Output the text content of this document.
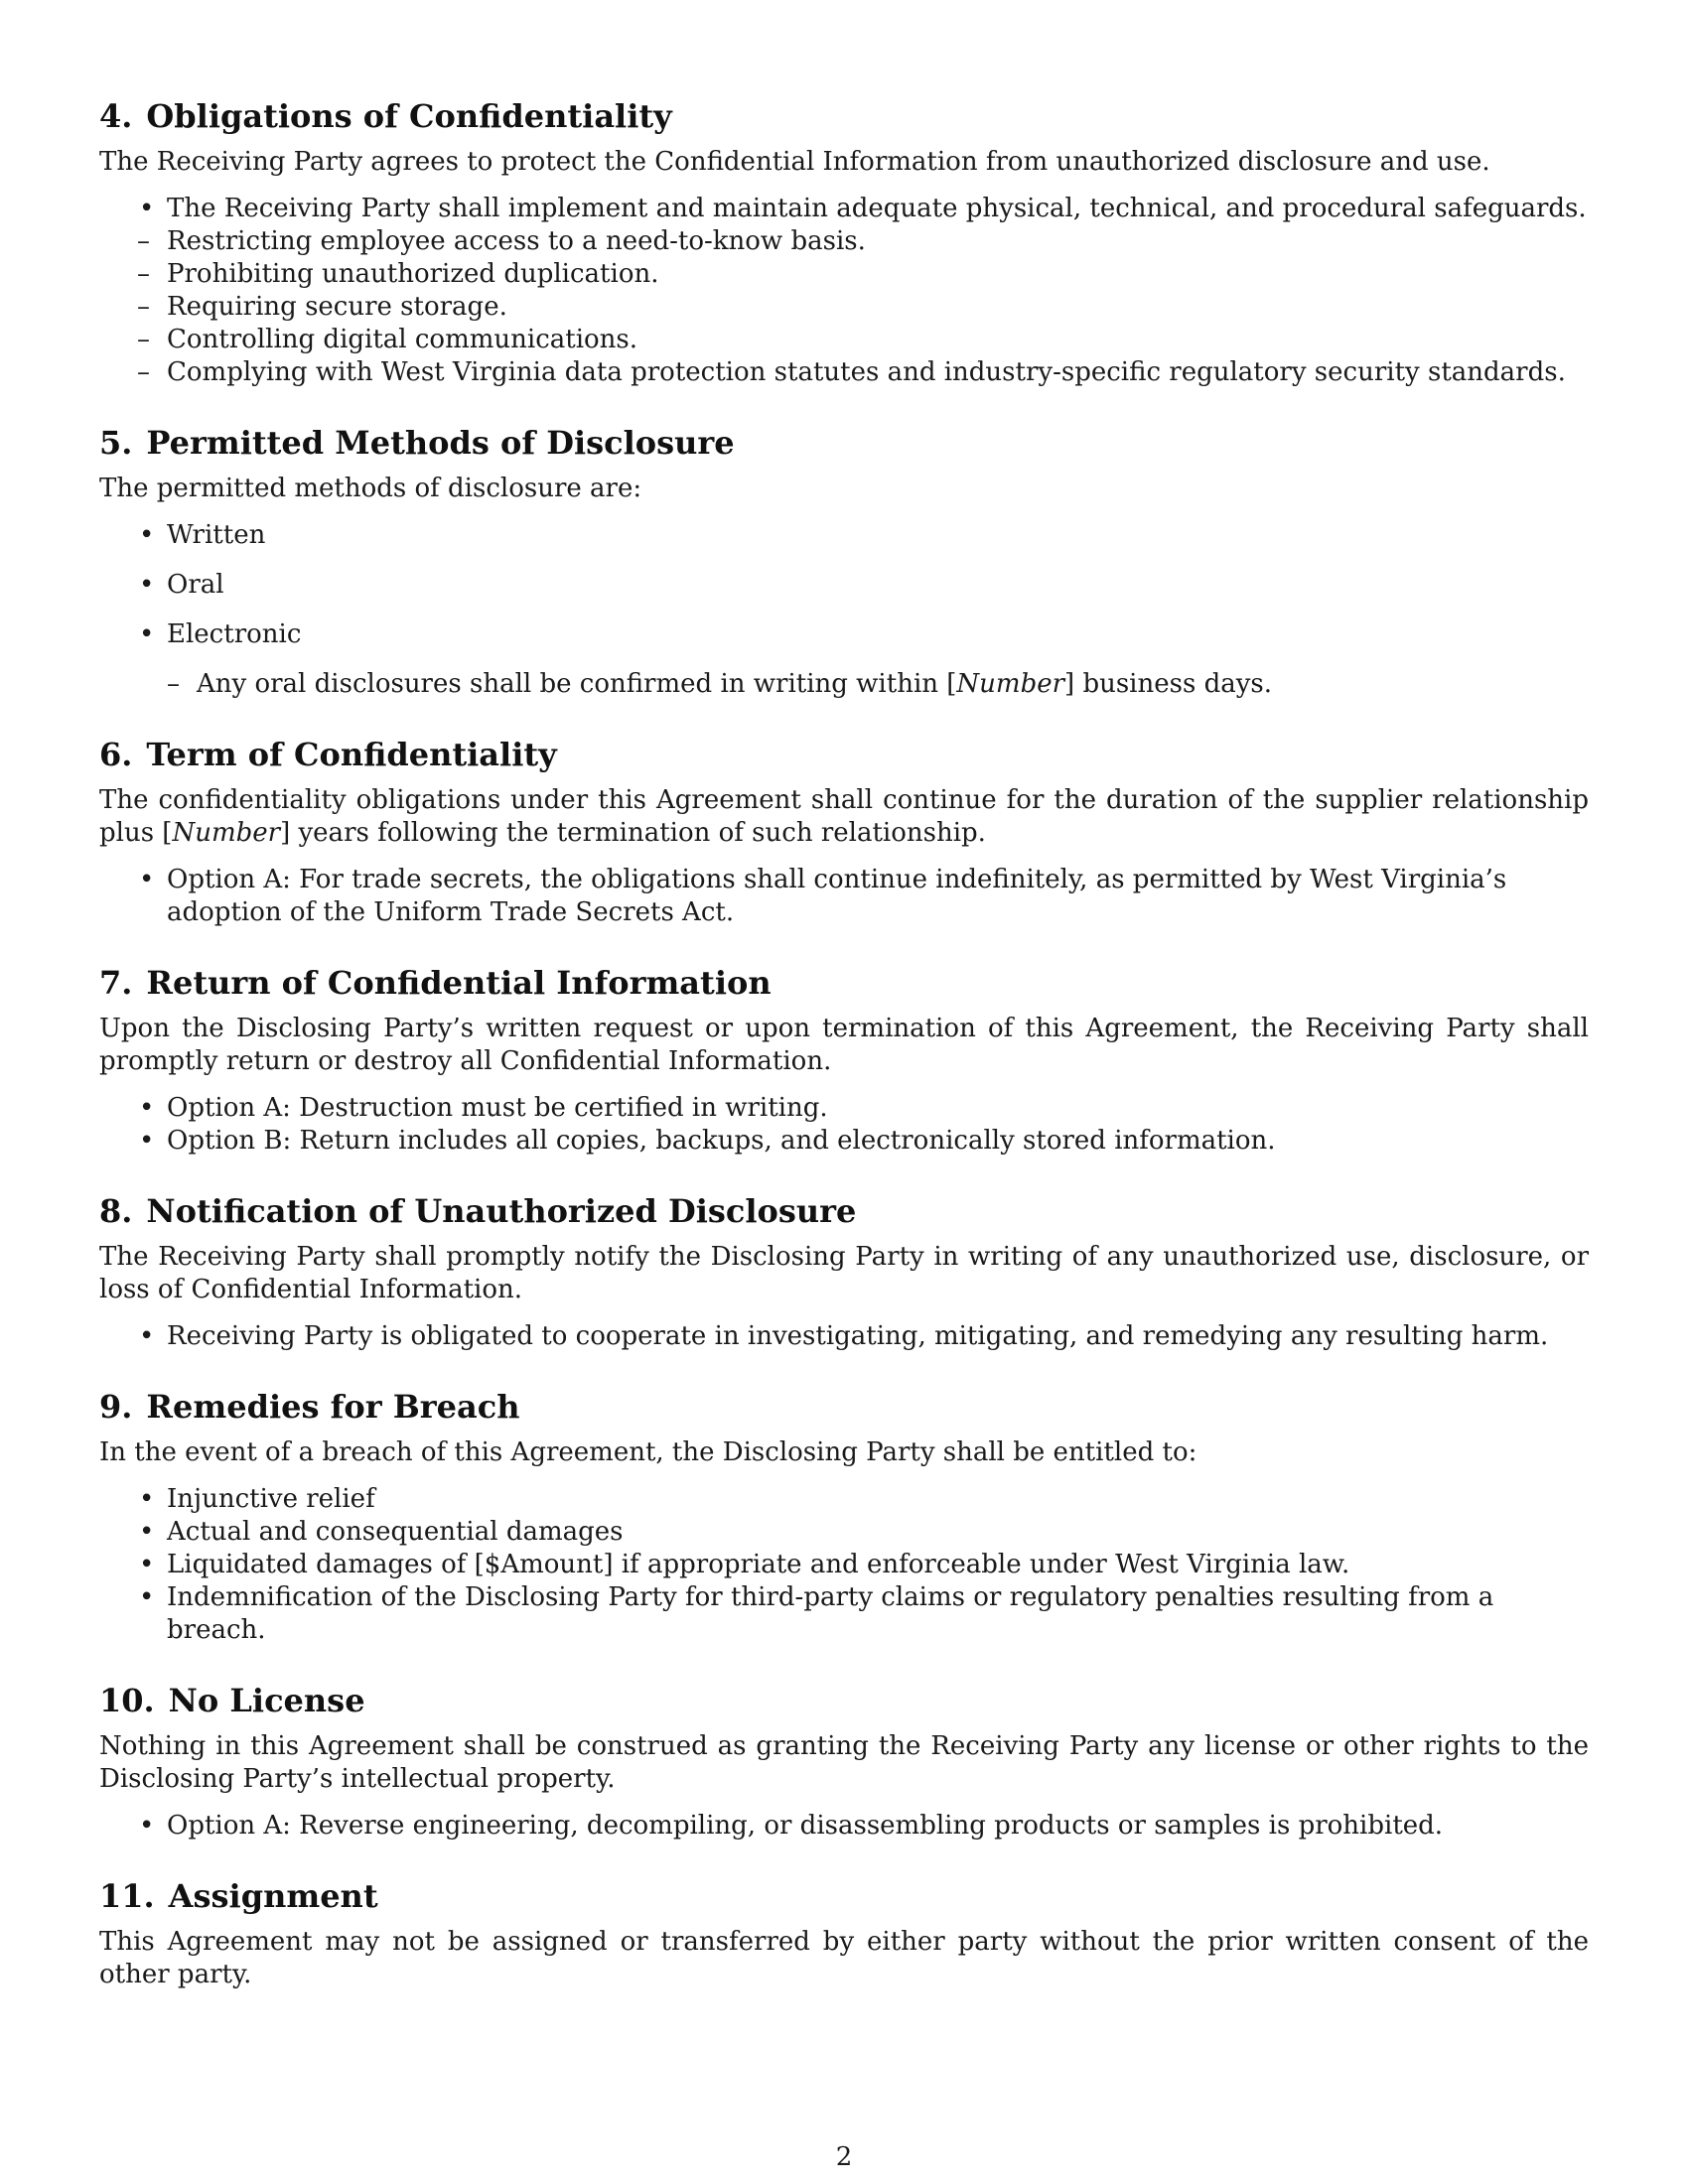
4. Obligations of Confidentiality

The Receiving Party agrees to protect the Confidential Information from unauthorized disclosure and use.

• The Receiving Party shall implement and maintain adequate physical, technical, and procedural safeguards.
– Restricting employee access to a need-to-know basis.
– Prohibiting unauthorized duplication.
– Requiring secure storage.
– Controlling digital communications.
– Complying with West Virginia data protection statutes and industry-specific regulatory security standards.
5. Permitted Methods of Disclosure

The permitted methods of disclosure are:

• Written
• Oral
• Electronic
– Any oral disclosures shall be confirmed in writing within [Number] business days.
6. Term of Confidentiality

The confidentiality obligations under this Agreement shall continue for the duration of the supplier relationship plus [Number] years following the termination of such relationship.

• Option A: For trade secrets, the obligations shall continue indefinitely, as permitted by West Virginia’s adoption of the Uniform Trade Secrets Act.
7. Return of Confidential Information

Upon the Disclosing Party’s written request or upon termination of this Agreement, the Receiving Party shall promptly return or destroy all Confidential Information.

• Option A: Destruction must be certified in writing.
• Option B: Return includes all copies, backups, and electronically stored information.
8. Notification of Unauthorized Disclosure

The Receiving Party shall promptly notify the Disclosing Party in writing of any unauthorized use, disclosure, or loss of Confidential Information.

• Receiving Party is obligated to cooperate in investigating, mitigating, and remedying any resulting harm.
9. Remedies for Breach

In the event of a breach of this Agreement, the Disclosing Party shall be entitled to:

• Injunctive relief
• Actual and consequential damages
• Liquidated damages of [$Amount] if appropriate and enforceable under West Virginia law.
• Indemnification of the Disclosing Party for third-party claims or regulatory penalties resulting from a breach.
10. No License

Nothing in this Agreement shall be construed as granting the Receiving Party any license or other rights to the Disclosing Party’s intellectual property.

• Option A: Reverse engineering, decompiling, or disassembling products or samples is prohibited.
11. Assignment

This Agreement may not be assigned or transferred by either party without the prior written consent of the other party.

2
